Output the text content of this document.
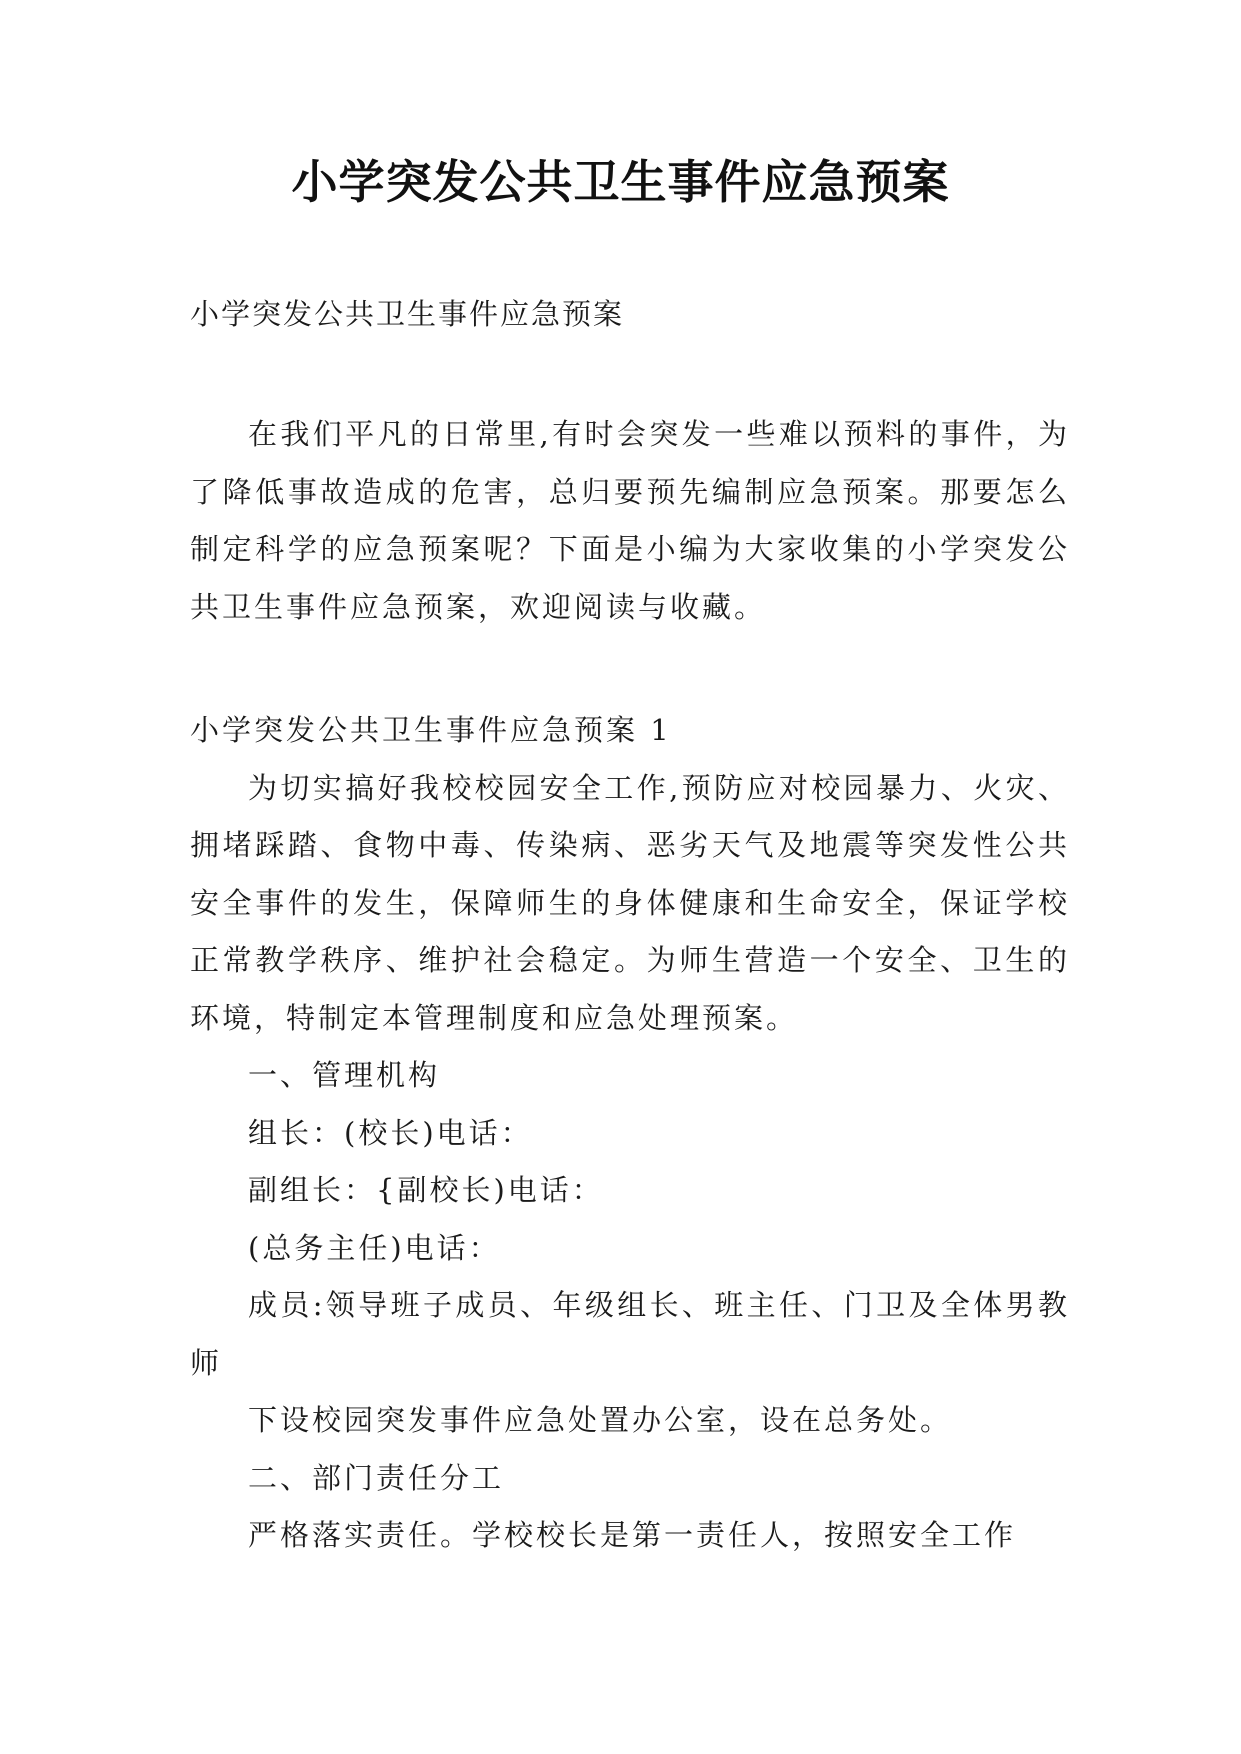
小学突发公共卫生事件应急预案

小学突发公共卫生事件应急预案

在我们平凡的日常里,有时会突发一些难以预料的事件，为了降低事故造成的危害，总归要预先编制应急预案。那要怎么制定科学的应急预案呢？下面是小编为大家收集的小学突发公共卫生事件应急预案，欢迎阅读与收藏。

小学突发公共卫生事件应急预案 1

为切实搞好我校校园安全工作,预防应对校园暴力、火灾、拥堵踩踏、食物中毒、传染病、恶劣天气及地震等突发性公共安全事件的发生，保障师生的身体健康和生命安全，保证学校正常教学秩序、维护社会稳定。为师生营造一个安全、卫生的环境，特制定本管理制度和应急处理预案。

一、管理机构

组长：(校长)电话：

副组长：{副校长)电话：

(总务主任)电话：

成员:领导班子成员、年级组长、班主任、门卫及全体男教师

下设校园突发事件应急处置办公室，设在总务处。

二、部门责任分工

严格落实责任。学校校长是第一责任人，按照安全工作
